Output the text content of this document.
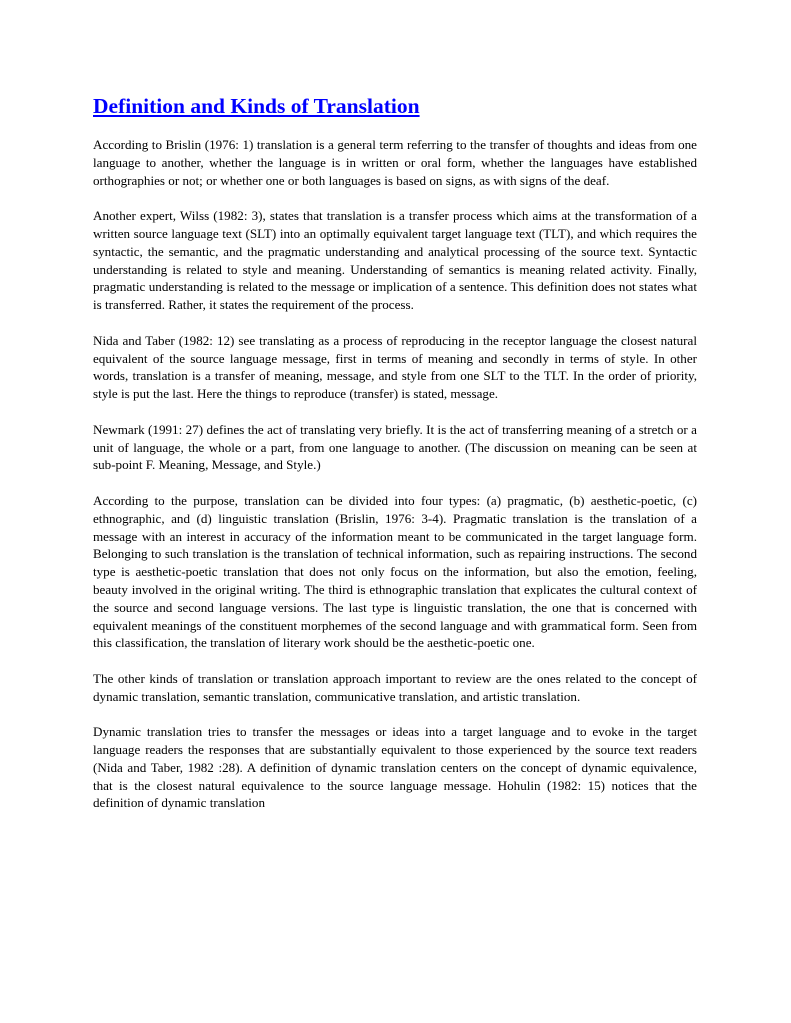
Definition and Kinds of Translation

According to Brislin (1976: 1) translation is a general term referring to the transfer of thoughts and ideas from one language to another, whether the language is in written or oral form, whether the languages have established orthographies or not; or whether one or both languages is based on signs, as with signs of the deaf.

Another expert, Wilss (1982: 3), states that translation is a transfer process which aims at the transformation of a written source language text (SLT) into an optimally equivalent target language text (TLT), and which requires the syntactic, the semantic, and the pragmatic understanding and analytical processing of the source text. Syntactic understanding is related to style and meaning. Understanding of semantics is meaning related activity. Finally, pragmatic understanding is related to the message or implication of a sentence. This definition does not states what is transferred. Rather, it states the requirement of the process.

Nida and Taber (1982: 12) see translating as a process of reproducing in the receptor language the closest natural equivalent of the source language message, first in terms of meaning and secondly in terms of style. In other words, translation is a transfer of meaning, message, and style from one SLT to the TLT. In the order of priority, style is put the last. Here the things to reproduce (transfer) is stated, message.

Newmark (1991: 27) defines the act of translating very briefly. It is the act of transferring meaning of a stretch or a unit of language, the whole or a part, from one language to another. (The discussion on meaning can be seen at sub-point F. Meaning, Message, and Style.)

According to the purpose, translation can be divided into four types: (a) pragmatic, (b) aesthetic-poetic, (c) ethnographic, and (d) linguistic translation (Brislin, 1976: 3-4). Pragmatic translation is the translation of a message with an interest in accuracy of the information meant to be communicated in the target language form. Belonging to such translation is the translation of technical information, such as repairing instructions. The second type is aesthetic-poetic translation that does not only focus on the information, but also the emotion, feeling, beauty involved in the original writing. The third is ethnographic translation that explicates the cultural context of the source and second language versions. The last type is linguistic translation, the one that is concerned with equivalent meanings of the constituent morphemes of the second language and with grammatical form. Seen from this classification, the translation of literary work should be the aesthetic-poetic one.

The other kinds of translation or translation approach important to review are the ones related to the concept of dynamic translation, semantic translation, communicative translation, and artistic translation.

Dynamic translation tries to transfer the messages or ideas into a target language and to evoke in the target language readers the responses that are substantially equivalent to those experienced by the source text readers (Nida and Taber, 1982 :28). A definition of dynamic translation centers on the concept of dynamic equivalence, that is the closest natural equivalence to the source language message. Hohulin (1982: 15) notices that the definition of dynamic translation
